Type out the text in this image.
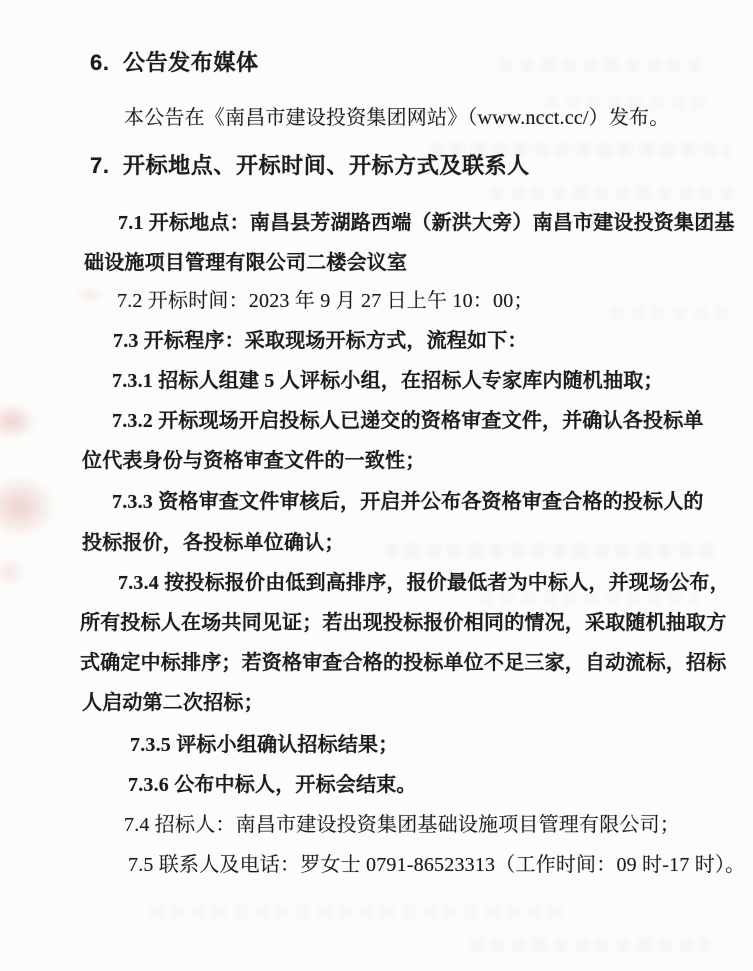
6.  公告发布媒体
本公告在《南昌市建设投资集团网站》（www.ncct.cc/）发布。
7.  开标地点、开标时间、开标方式及联系人
7.1 开标地点：南昌县芳湖路西端（新洪大旁）南昌市建设投资集团基
础设施项目管理有限公司二楼会议室
7.2 开标时间：2023 年 9 月 27 日上午 10：00；
7.3 开标程序：采取现场开标方式，流程如下：
7.3.1 招标人组建 5 人评标小组，在招标人专家库内随机抽取；
7.3.2 开标现场开启投标人已递交的资格审查文件，并确认各投标单
位代表身份与资格审查文件的一致性；
7.3.3 资格审查文件审核后，开启并公布各资格审查合格的投标人的
投标报价，各投标单位确认；
7.3.4 按投标报价由低到高排序，报价最低者为中标人，并现场公布，
所有投标人在场共同见证；若出现投标报价相同的情况，采取随机抽取方
式确定中标排序；若资格审查合格的投标单位不足三家，自动流标，招标
人启动第二次招标；
7.3.5 评标小组确认招标结果；
7.3.6 公布中标人，开标会结束。
7.4 招标人：南昌市建设投资集团基础设施项目管理有限公司；
7.5 联系人及电话：罗女士 0791-86523313（工作时间：09 时-17 时）。
